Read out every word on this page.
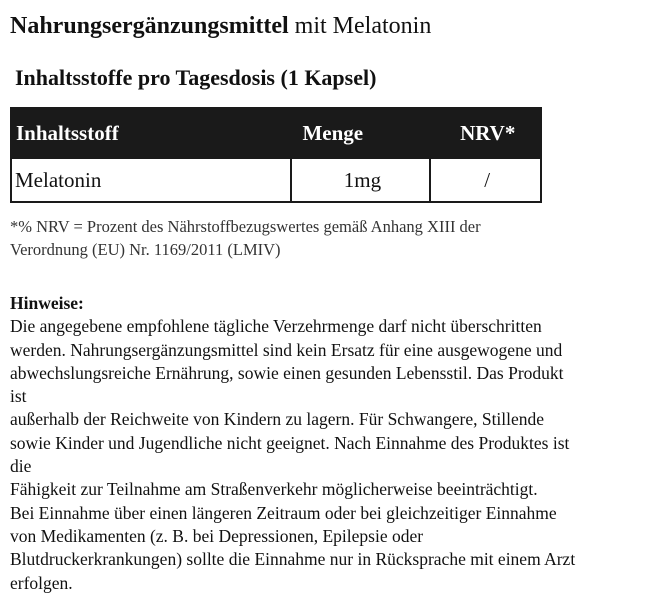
Nahrungsergänzungsmittel mit Melatonin
Inhaltsstoffe pro Tagesdosis (1 Kapsel)
Inhaltsstoff	Menge	NRV*
Melatonin	1mg	/
*% NRV = Prozent des Nährstoffbezugswertes gemäß Anhang XIII der
Verordnung (EU) Nr. 1169/2011 (LMIV)
Hinweise:
Die angegebene empfohlene tägliche Verzehrmenge darf nicht überschritten
werden. Nahrungsergänzungsmittel sind kein Ersatz für eine ausgewogene und
abwechslungsreiche Ernährung, sowie einen gesunden Lebensstil. Das Produkt
ist
außerhalb der Reichweite von Kindern zu lagern. Für Schwangere, Stillende
sowie Kinder und Jugendliche nicht geeignet. Nach Einnahme des Produktes ist
die
Fähigkeit zur Teilnahme am Straßenverkehr möglicherweise beeinträchtigt.
Bei Einnahme über einen längeren Zeitraum oder bei gleichzeitiger Einnahme
von Medikamenten (z. B. bei Depressionen, Epilepsie oder
Blutdruckerkrankungen) sollte die Einnahme nur in Rücksprache mit einem Arzt
erfolgen.
